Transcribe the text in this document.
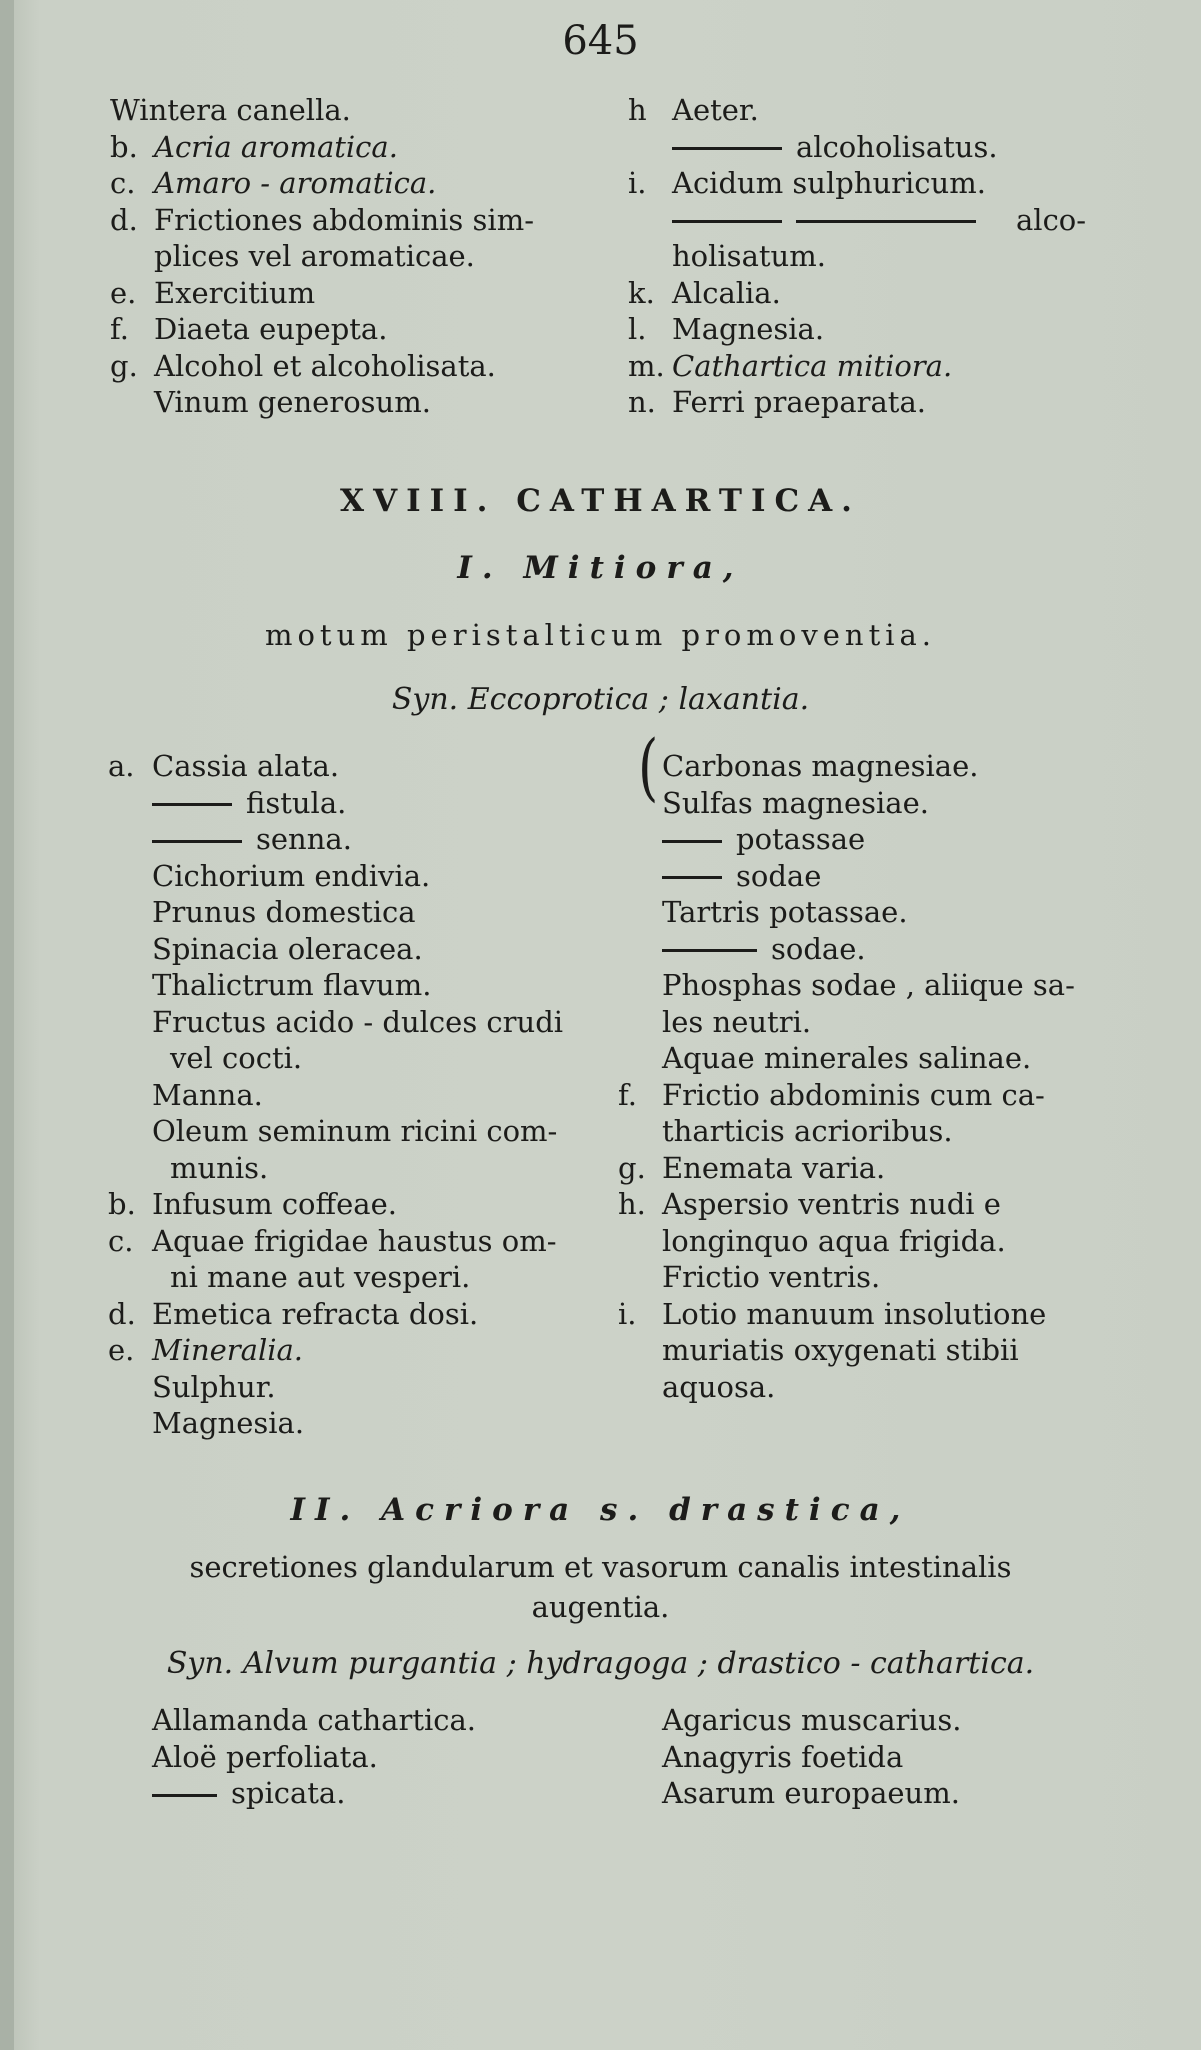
645
Wintera canella.
b. Acria aromatica.
c. Amaro - aromatica.
d. Frictiones abdominis sim-
plices vel aromaticae.
e. Exercitium
f. Diaeta eupepta.
g. Alcohol et alcoholisata.
Vinum generosum.
h Aeter.
alcoholisatus.
i. Acidum sulphuricum.
alco-
holisatum.
k. Alcalia.
l. Magnesia.
m. Cathartica mitiora.
n. Ferri praeparata.
XVIII. CATHARTICA.
I. Mitiora,
motum peristalticum promoventia.
Syn. Eccoprotica ; laxantia.
a. Cassia alata.
fistula.
senna.
Cichorium endivia.
Prunus domestica
Spinacia oleracea.
Thalictrum flavum.
Fructus acido - dulces crudi
vel cocti.
Manna.
Oleum seminum ricini com-
munis.
b. Infusum coffeae.
c. Aquae frigidae haustus om-
ni mane aut vesperi.
d. Emetica refracta dosi.
e. Mineralia.
Sulphur.
Magnesia.
( Carbonas magnesiae.
Sulfas magnesiae.
potassae
sodae
Tartris potassae.
sodae.
Phosphas sodae , aliique sa-
les neutri.
Aquae minerales salinae.
f. Frictio abdominis cum ca-
tharticis acrioribus.
g. Enemata varia.
h. Aspersio ventris nudi e
longinquo aqua frigida.
Frictio ventris.
i. Lotio manuum insolutione
muriatis oxygenati stibii
aquosa.
II. Acriora s. drastica,
secretiones glandularum et vasorum canalis intestinalis
augentia.
Syn. Alvum purgantia ; hydragoga ; drastico - cathartica.
Allamanda cathartica.
Aloë perfoliata.
spicata.
Agaricus muscarius.
Anagyris foetida
Asarum europaeum.
